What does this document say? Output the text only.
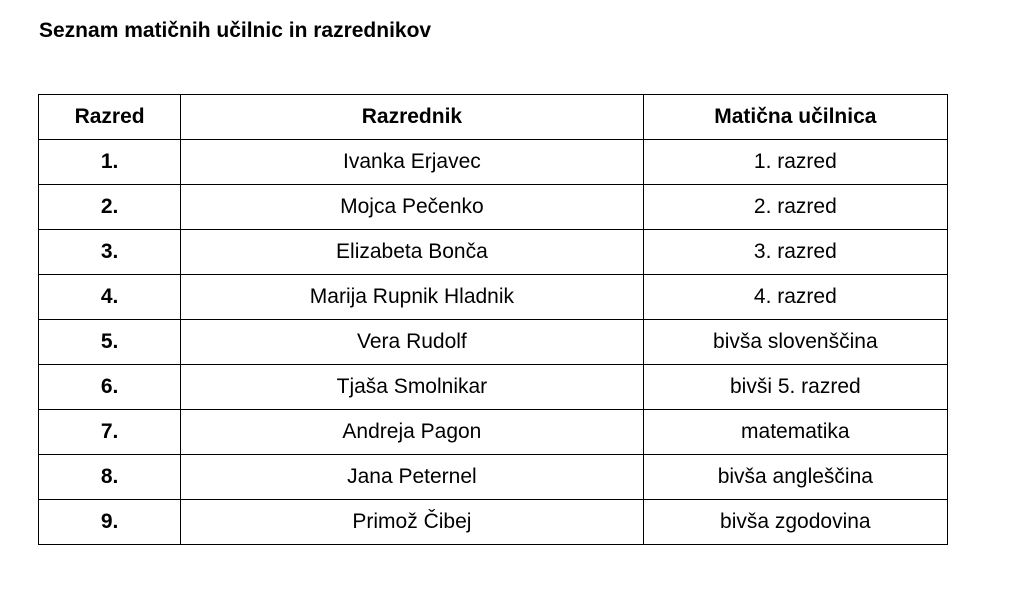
Seznam matičnih učilnic in razrednikov
Razred	Razrednik	Matična učilnica
1.	Ivanka Erjavec	1. razred
2.	Mojca Pečenko	2. razred
3.	Elizabeta Bonča	3. razred
4.	Marija Rupnik Hladnik	4. razred
5.	Vera Rudolf	bivša slovenščina
6.	Tjaša Smolnikar	bivši 5. razred
7.	Andreja Pagon	matematika
8.	Jana Peternel	bivša angleščina
9.	Primož Čibej	bivša zgodovina
